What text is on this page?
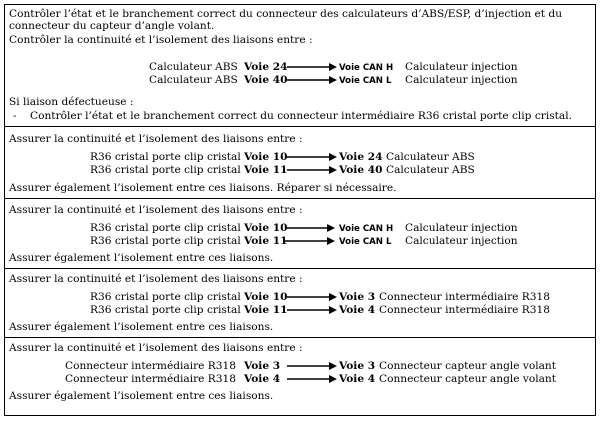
Contrôler l’état et le branchement correct du connecteur des calculateurs d’ABS/ESP, d’injection et du
connecteur du capteur d’angle volant.
Contrôler la continuité et l’isolement des liaisons entre :
Calculateur ABS Voie 24	Voie CAN H Calculateur injection
Calculateur ABS Voie 40	Voie CAN L Calculateur injection
Si liaison défectueuse :
- Contrôler l’état et le branchement correct du connecteur intermédiaire R36 cristal porte clip cristal.
Assurer la continuité et l’isolement des liaisons entre :
R36 cristal porte clip cristal Voie 10	Voie 24 Calculateur ABS
R36 cristal porte clip cristal Voie 11	Voie 40 Calculateur ABS
Assurer également l’isolement entre ces liaisons. Réparer si nécessaire.
Assurer la continuité et l’isolement des liaisons entre :
R36 cristal porte clip cristal Voie 10	Voie CAN H Calculateur injection
R36 cristal porte clip cristal Voie 11	Voie CAN L Calculateur injection
Assurer également l’isolement entre ces liaisons.
Assurer la continuité et l’isolement des liaisons entre :
R36 cristal porte clip cristal Voie 10	Voie 3 Connecteur intermédiaire R318
R36 cristal porte clip cristal Voie 11	Voie 4 Connecteur intermédiaire R318
Assurer également l’isolement entre ces liaisons.
Assurer la continuité et l’isolement des liaisons entre :
Connecteur intermédiaire R318 Voie 3	Voie 3 Connecteur capteur angle volant
Connecteur intermédiaire R318 Voie 4	Voie 4 Connecteur capteur angle volant
Assurer également l’isolement entre ces liaisons.
